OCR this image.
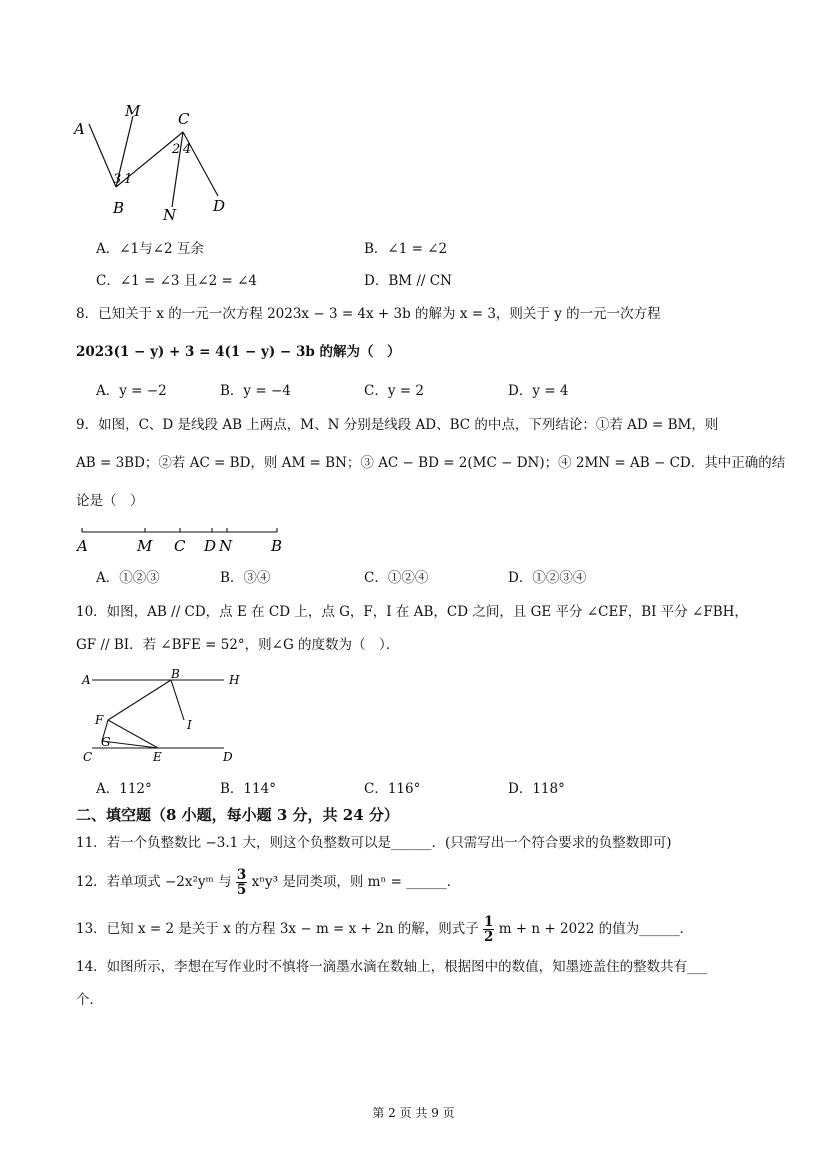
A
M	C
B	N D
3 1
2 4
A．∠1与∠2 互余	B．∠1 = ∠2
C．∠1 = ∠3 且∠2 = ∠4	D．BM // CN
8．已知关于 x 的一元一次方程 2023x − 3 = 4x + 3b 的解为 x = 3，则关于 y 的一元一次方程
2023(1 − y) + 3 = 4(1 − y) − 3b 的解为（　）
A．y = −2	B．y = −4	C．y = 2	D．y = 4
9．如图，C、D 是线段 AB 上两点，M、N 分别是线段 AD、BC 的中点，下列结论：①若 AD = BM，则
AB = 3BD；②若 AC = BD，则 AM = BN；③ AC − BD = 2(MC − DN)；④ 2MN = AB − CD．其中正确的结
论是（　）
A	M C D N	B
A．①②③	B．③④	C．①②④	D．①②③④
10．如图，AB // CD，点 E 在 CD 上，点 G，F，I 在 AB，CD 之间，且 GE 平分 ∠CEF，BI 平分 ∠FBH，
GF // BI．若 ∠BFE = 52°，则∠G 的度数为（　）．
A	B	H
F	I
G
C	E	D
A．112°	B．114°	C．116°	D．118°
二、填空题（8 小题，每小题 3 分，共 24 分）
11．若一个负整数比 −3.1 大，则这个负整数可以是______．(只需写出一个符合要求的负整数即可)
12．若单项式 −2x²yᵐ 与 $\frac{3}{5} x^ny^3$ 是同类项，则 mⁿ = ______．
13．已知 x = 2 是关于 x 的方程 3x − m = x + 2n 的解，则式子 $\frac{1}{2}$ m + n + 2022 的值为______．
14．如图所示，李想在写作业时不慎将一滴墨水滴在数轴上，根据图中的数值，知墨迹盖住的整数共有___
个．
第 2 页 共 9 页
